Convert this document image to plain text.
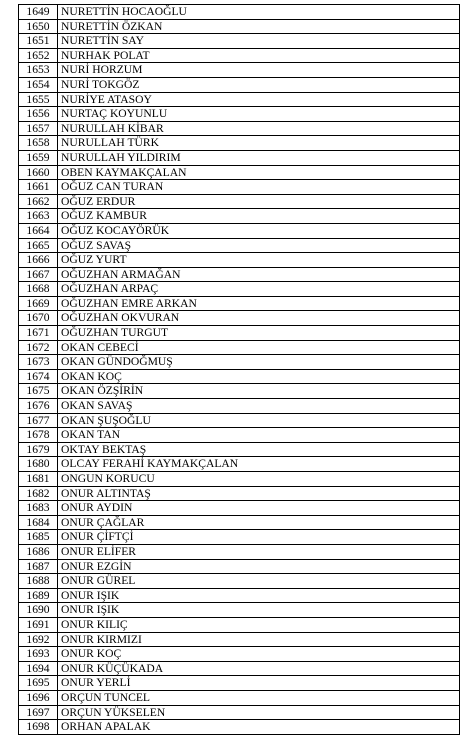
1649	NURETTİN HOCAOĞLU
1650	NURETTİN ÖZKAN
1651	NURETTİN SAY
1652	NURHAK POLAT
1653	NURİ HORZUM
1654	NURİ TOKGÖZ
1655	NURİYE ATASOY
1656	NURTAÇ KOYUNLU
1657	NURULLAH KİBAR
1658	NURULLAH TÜRK
1659	NURULLAH YILDIRIM
1660	OBEN KAYMAKÇALAN
1661	OĞUZ CAN TURAN
1662	OĞUZ ERDUR
1663	OĞUZ KAMBUR
1664	OĞUZ KOCAYÖRÜK
1665	OĞUZ SAVAŞ
1666	OĞUZ YURT
1667	OĞUZHAN ARMAĞAN
1668	OĞUZHAN ARPAÇ
1669	OĞUZHAN EMRE ARKAN
1670	OĞUZHAN OKVURAN
1671	OĞUZHAN TURGUT
1672	OKAN CEBECİ
1673	OKAN GÜNDOĞMUŞ
1674	OKAN KOÇ
1675	OKAN ÖZŞİRİN
1676	OKAN SAVAŞ
1677	OKAN ŞUŞOĞLU
1678	OKAN TAN
1679	OKTAY BEKTAŞ
1680	OLCAY FERAHİ KAYMAKÇALAN
1681	ONGUN KORUCU
1682	ONUR ALTINTAŞ
1683	ONUR AYDIN
1684	ONUR ÇAĞLAR
1685	ONUR ÇİFTÇİ
1686	ONUR ELİFER
1687	ONUR EZGİN
1688	ONUR GÜREL
1689	ONUR IŞIK
1690	ONUR IŞIK
1691	ONUR KILIÇ
1692	ONUR KIRMIZI
1693	ONUR KOÇ
1694	ONUR KÜÇÜKADA
1695	ONUR YERLİ
1696	ORÇUN TUNCEL
1697	ORÇUN YÜKSELEN
1698	ORHAN APALAK
